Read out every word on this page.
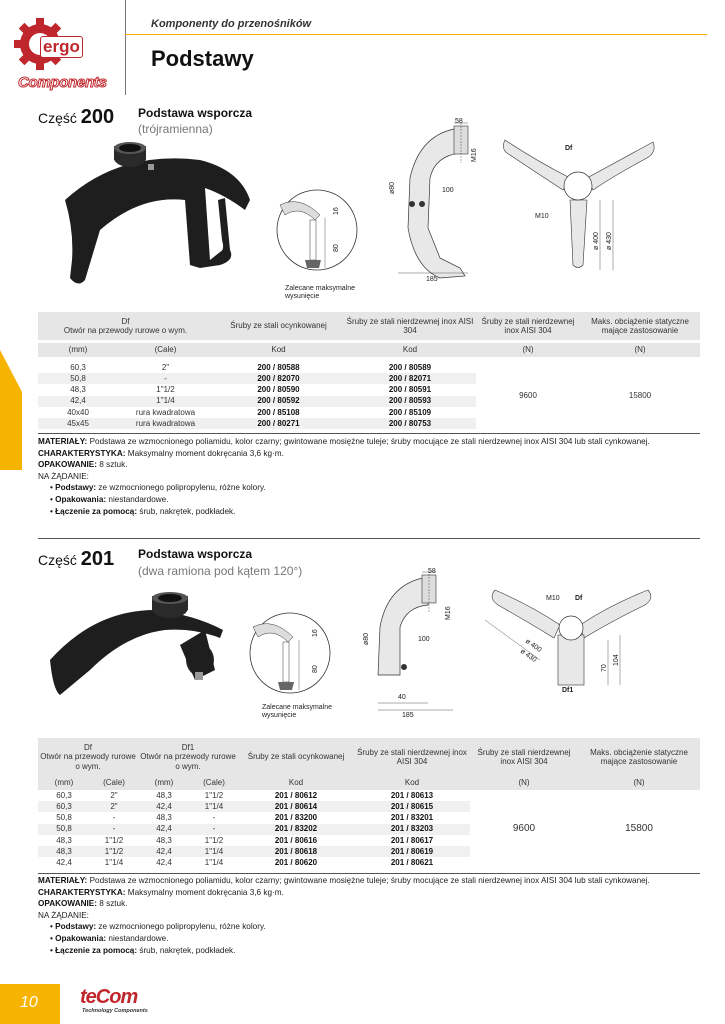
ergo
Components
Komponenty do przenośników
Podstawy
Część 200 Podstawa wsporcza
(trójramienna)
16
80
Zalecane maksymalne wysunięcie
58
M16
ø80	100
185
Df
M10
ø 400 ø 430
Df
Otwór na przewody rurowe o wym.		Śruby ze stali ocynkowanej	Śruby ze stali nierdzewnej inox AISI 304	Śruby ze stali nierdzewnej inox AISI 304	Maks. obciążenie statyczne mające zastosowanie

(mm)	(Cale)	Kod	Kod	(N)	(N)

60,3	2"	200 / 80588	200 / 80589	9600	15800
50,8	-	200 / 82070	200 / 82071		
48,3	1"1/2	200 / 80590	200 / 80591		
42,4	1"1/4	200 / 80592	200 / 80593		
40x40	rura kwadratowa	200 / 85108	200 / 85109		
45x45	rura kwadratowa	200 / 80271	200 / 80753		
MATERIAŁY: Podstawa ze wzmocnionego poliamidu, kolor czarny; gwintowane mosiężne tuleje; śruby mocujące ze stali nierdzewnej inox AISI 304 lub stali cynkowanej.
CHARAKTERYSTYKA: Maksymalny moment dokręcania 3,6 kg·m.
OPAKOWANIE: 8 sztuk.
NA ŻĄDANIE:
• Podstawy: ze wzmocnionego polipropylenu, różne kolory.
• Opakowania: niestandardowe.
• Łączenie za pomocą: śrub, nakrętek, podkładek.
Część 201 Podstawa wsporcza
(dwa ramiona pod kątem 120°)
16
80
Zalecane maksymalne wysunięcie
58
M16
ø80	100
40
185
M10 Df
Df1
ø 400
ø 430
70
104
Df
Otwór na przewody rurowe o wym.		Df1
Otwór na przewody rurowe o wym.		Śruby ze stali ocynkowanej	Śruby ze stali nierdzewnej inox AISI 304	Śruby ze stali nierdzewnej inox AISI 304	Maks. obciążenie statyczne mające zastosowanie
(mm)	(Cale)	(mm)	(Cale)	Kod	Kod	(N)	(N)
60,3	2"	48,3	1"1/2	201 / 80612	201 / 80613	9600	15800
60,3	2"	42,4	1"1/4	201 / 80614	201 / 80615		
50,8	-	48,3	-	201 / 83200	201 / 83201		
50,8	-	42,4	-	201 / 83202	201 / 83203		
48,3	1"1/2	48,3	1"1/2	201 / 80616	201 / 80617		
48,3	1"1/2	42,4	1"1/4	201 / 80618	201 / 80619		
42,4	1"1/4	42,4	1"1/4	201 / 80620	201 / 80621		
MATERIAŁY: Podstawa ze wzmocnionego poliamidu, kolor czarny; gwintowane mosiężne tuleje; śruby mocujące ze stali nierdzewnej inox AISI 304 lub stali cynkowanej.
CHARAKTERYSTYKA: Maksymalny moment dokręcania 3,6 kg·m.
OPAKOWANIE: 8 sztuk.
NA ŻĄDANIE:
• Podstawy: ze wzmocnionego polipropylenu, różne kolory.
• Opakowania: niestandardowe.
• Łączenie za pomocą: śrub, nakrętek, podkładek.
10	teCom
Technology Components
